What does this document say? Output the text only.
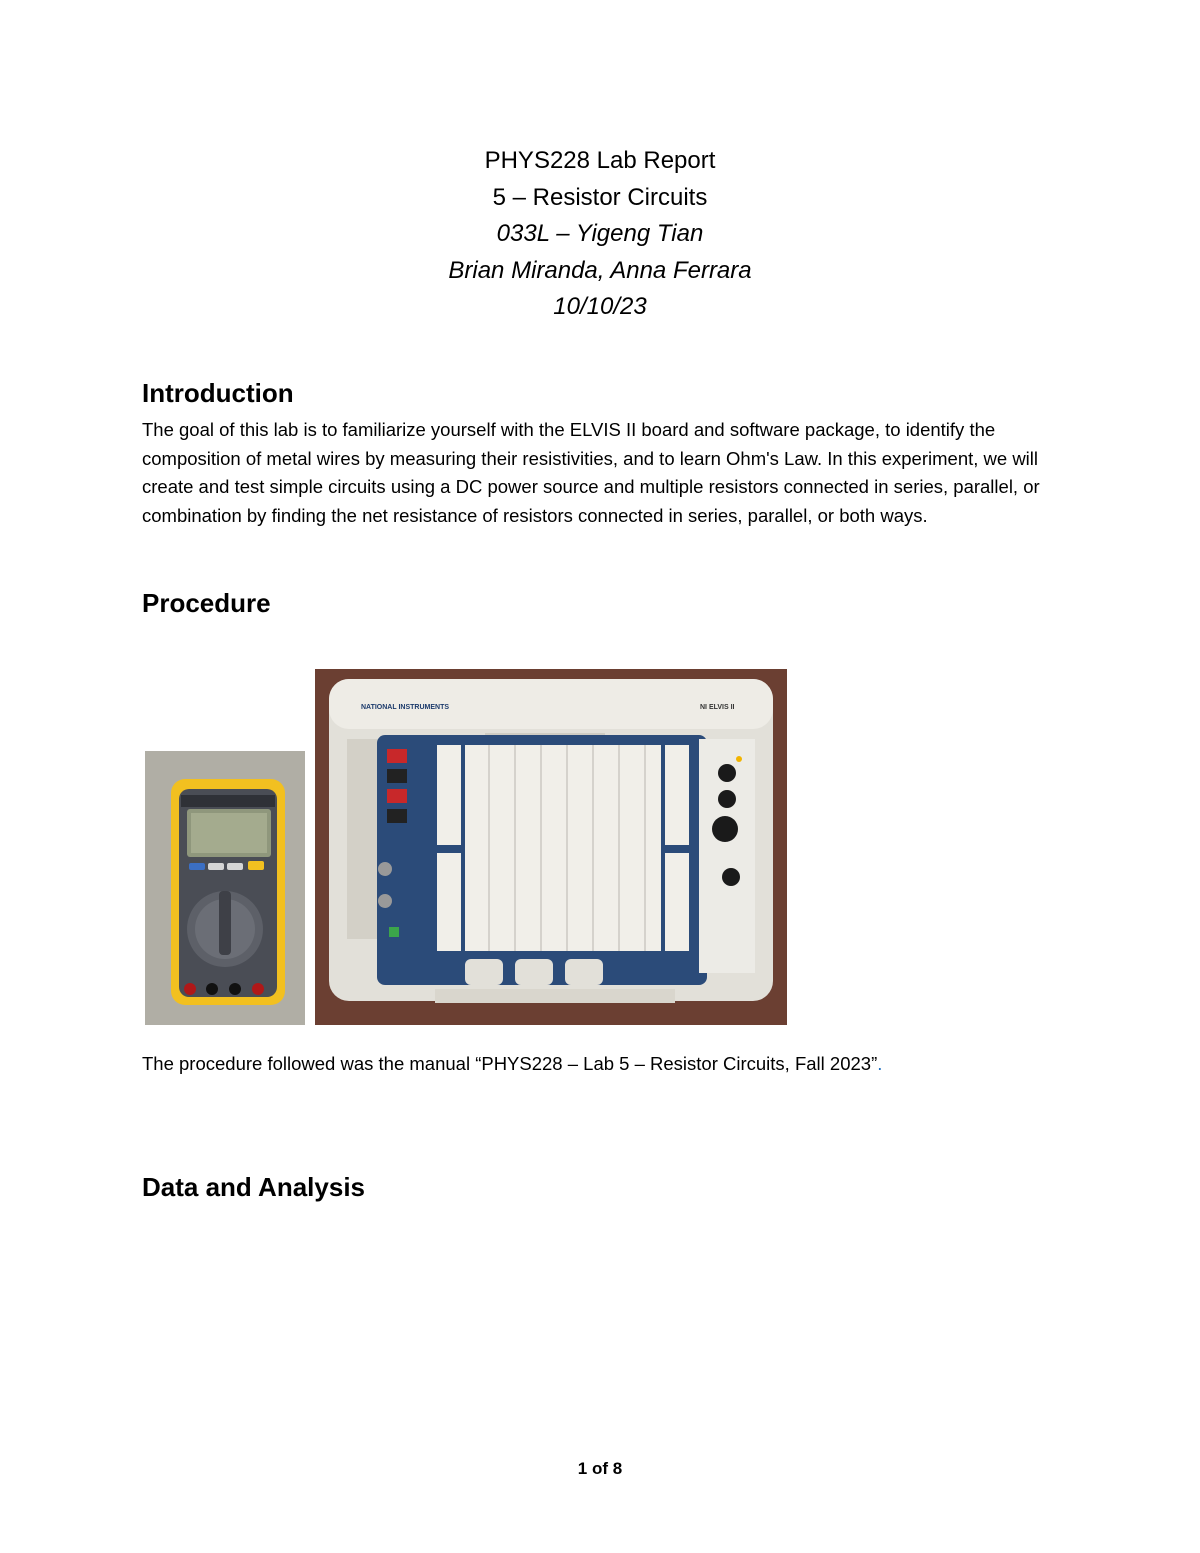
PHYS228 Lab Report
5 – Resistor Circuits
033L – Yigeng Tian
Brian Miranda, Anna Ferrara
10/10/23
Introduction
The goal of this lab is to familiarize yourself with the ELVIS II board and software package, to identify the composition of metal wires by measuring their resistivities, and to learn Ohm's Law. In this experiment, we will create and test simple circuits using a DC power source and multiple resistors connected in series, parallel, or combination by finding the net resistance of resistors connected in series, parallel, or both ways.
Procedure
NATIONAL INSTRUMENTS	NI ELVIS II
The procedure followed was the manual “PHYS228 – Lab 5 – Resistor Circuits, Fall 2023”.
Data and Analysis
1 of 8
